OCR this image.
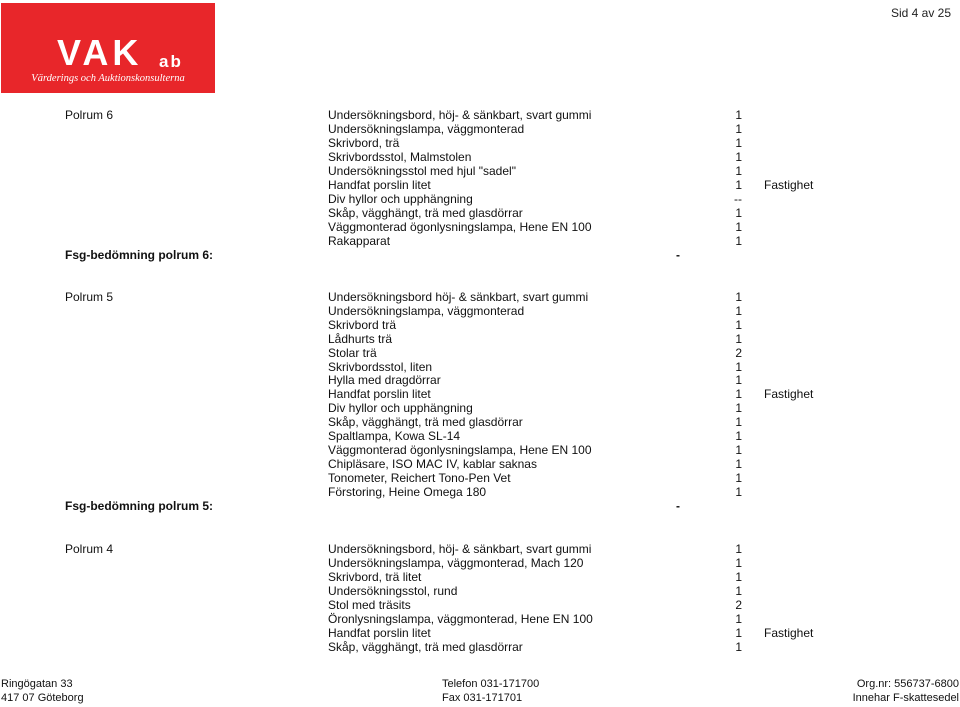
VAK ab
Värderings och Auktionskonsulterna
Sid 4 av 25
Polrum 6	Undersökningsbord, höj- & sänkbart, svart gummi	1
Undersökningslampa, väggmonterad	1
Skrivbord, trä	1
Skrivbordsstol, Malmstolen	1
Undersökningsstol med hjul "sadel"	1
Handfat porslin litet	1 Fastighet
Div hyllor och upphängning	--
Skåp, vägghängt, trä med glasdörrar	1
Väggmonterad ögonlysningslampa, Hene EN 100	1
Rakapparat	1
Fsg-bedömning polrum 6:	-
Polrum 5	Undersökningsbord höj- & sänkbart, svart gummi	1
Undersökningslampa, väggmonterad	1
Skrivbord trä	1
Lådhurts trä	1
Stolar trä	2
Skrivbordsstol, liten	1
Hylla med dragdörrar	1
Handfat porslin litet	1 Fastighet
Div hyllor och upphängning	1
Skåp, vägghängt, trä med glasdörrar	1
Spaltlampa, Kowa SL-14	1
Väggmonterad ögonlysningslampa, Hene EN 100	1
Chipläsare, ISO MAC IV, kablar saknas	1
Tonometer, Reichert Tono-Pen Vet	1
Förstoring, Heine Omega 180	1
Fsg-bedömning polrum 5:	-
Polrum 4	Undersökningsbord, höj- & sänkbart, svart gummi	1
Undersökningslampa, väggmonterad, Mach 120	1
Skrivbord, trä litet	1
Undersökningsstol, rund	1
Stol med träsits	2
Öronlysningslampa, väggmonterad, Hene EN 100	1
Handfat porslin litet	1 Fastighet
Skåp, vägghängt, trä med glasdörrar	1
Ringögatan 33
417 07 Göteborg
Telefon 031-171700
Fax 031-171701
Org.nr: 556737-6800
Innehar F-skattesedel
